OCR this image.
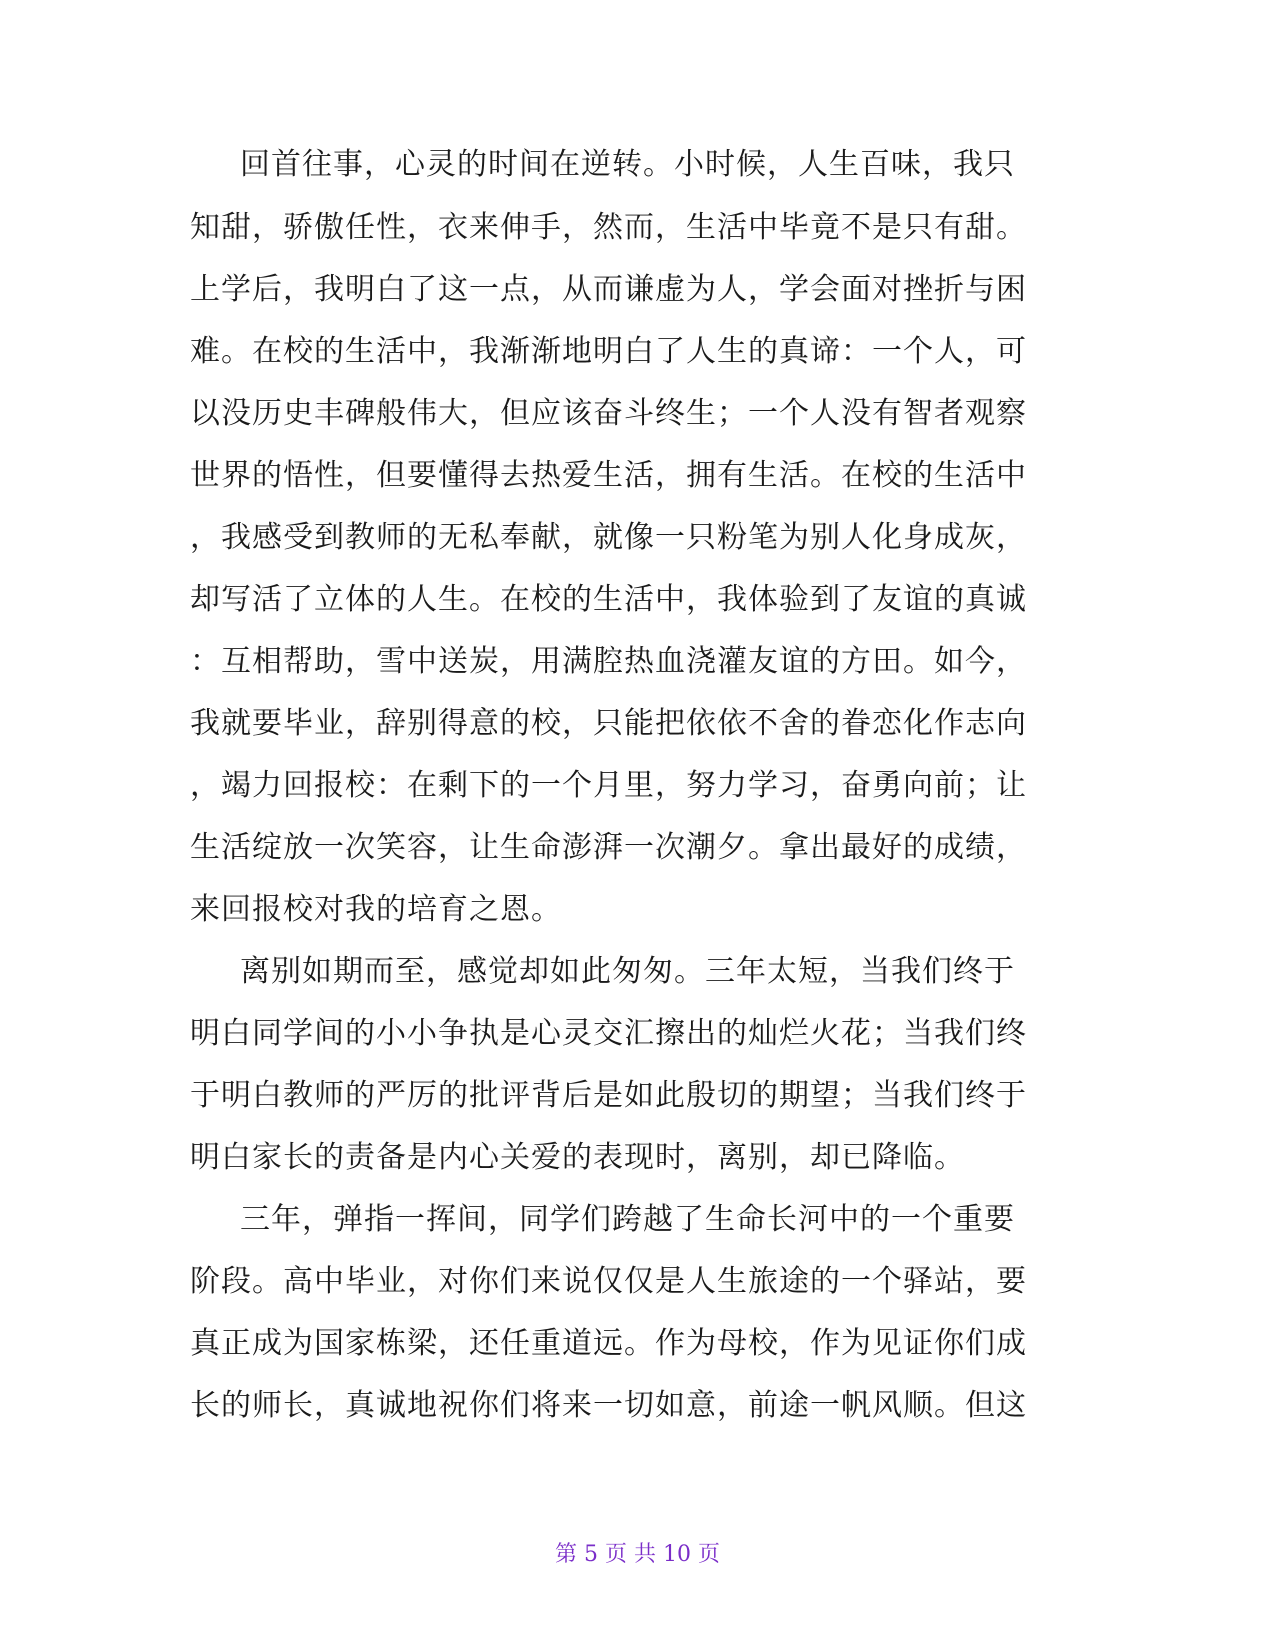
回首往事，心灵的时间在逆转。小时候，人生百味，我只
知甜，骄傲任性，衣来伸手，然而，生活中毕竟不是只有甜。
上学后，我明白了这一点，从而谦虚为人，学会面对挫折与困
难。在校的生活中，我渐渐地明白了人生的真谛：一个人，可
以没历史丰碑般伟大，但应该奋斗终生；一个人没有智者观察
世界的悟性，但要懂得去热爱生活，拥有生活。在校的生活中
，我感受到教师的无私奉献，就像一只粉笔为别人化身成灰，
却写活了立体的人生。在校的生活中，我体验到了友谊的真诚
：互相帮助，雪中送炭，用满腔热血浇灌友谊的方田。如今，
我就要毕业，辞别得意的校，只能把依依不舍的眷恋化作志向
，竭力回报校：在剩下的一个月里，努力学习，奋勇向前；让
生活绽放一次笑容，让生命澎湃一次潮夕。拿出最好的成绩，
来回报校对我的培育之恩。
离别如期而至，感觉却如此匆匆。三年太短，当我们终于
明白同学间的小小争执是心灵交汇擦出的灿烂火花；当我们终
于明白教师的严厉的批评背后是如此殷切的期望；当我们终于
明白家长的责备是内心关爱的表现时，离别，却已降临。
三年，弹指一挥间，同学们跨越了生命长河中的一个重要
阶段。高中毕业，对你们来说仅仅是人生旅途的一个驿站，要
真正成为国家栋梁，还任重道远。作为母校，作为见证你们成
长的师长，真诚地祝你们将来一切如意，前途一帆风顺。但这
第 5 页 共 10 页
